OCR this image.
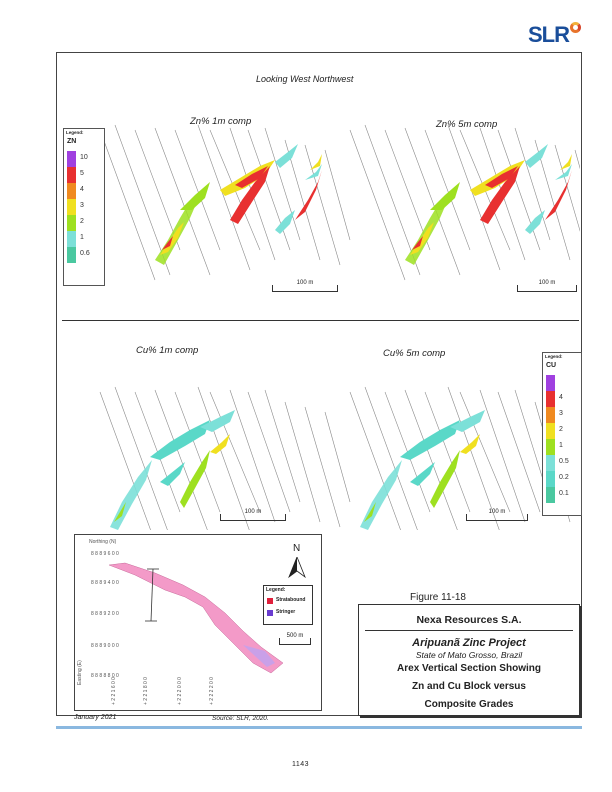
SLR
Looking West Northwest
Zn% 1m comp	Zn% 5m comp
Cu% 1m comp	Cu% 5m comp
Legend:
ZN
10
5
4
3
2
1
0.6
Legend:
CU
4
3
2
1
0.5
0.2
0.1
100 m	100 m
100 m	100 m
Northing (N)
8 8 8 9 6 0 0
8 8 8 9 4 0 0
8 8 8 9 2 0 0
8 8 8 9 0 0 0
8 8 8 8 8 0 0
Easting (E)
+ 2 2 1 6 0 0	+ 2 2 1 8 0 0	+ 2 2 2 0 0 0	+ 2 2 2 2 0 0
N
Legend:
Stratabound
Stringer
500 m
Figure 11-18
Nexa Resources S.A.
Aripuanã Zinc Project
State of Mato Grosso, Brazil
Arex Vertical Section Showing
Zn and Cu Block versus
Composite Grades
January 2021	Source: SLR, 2020.
1143
